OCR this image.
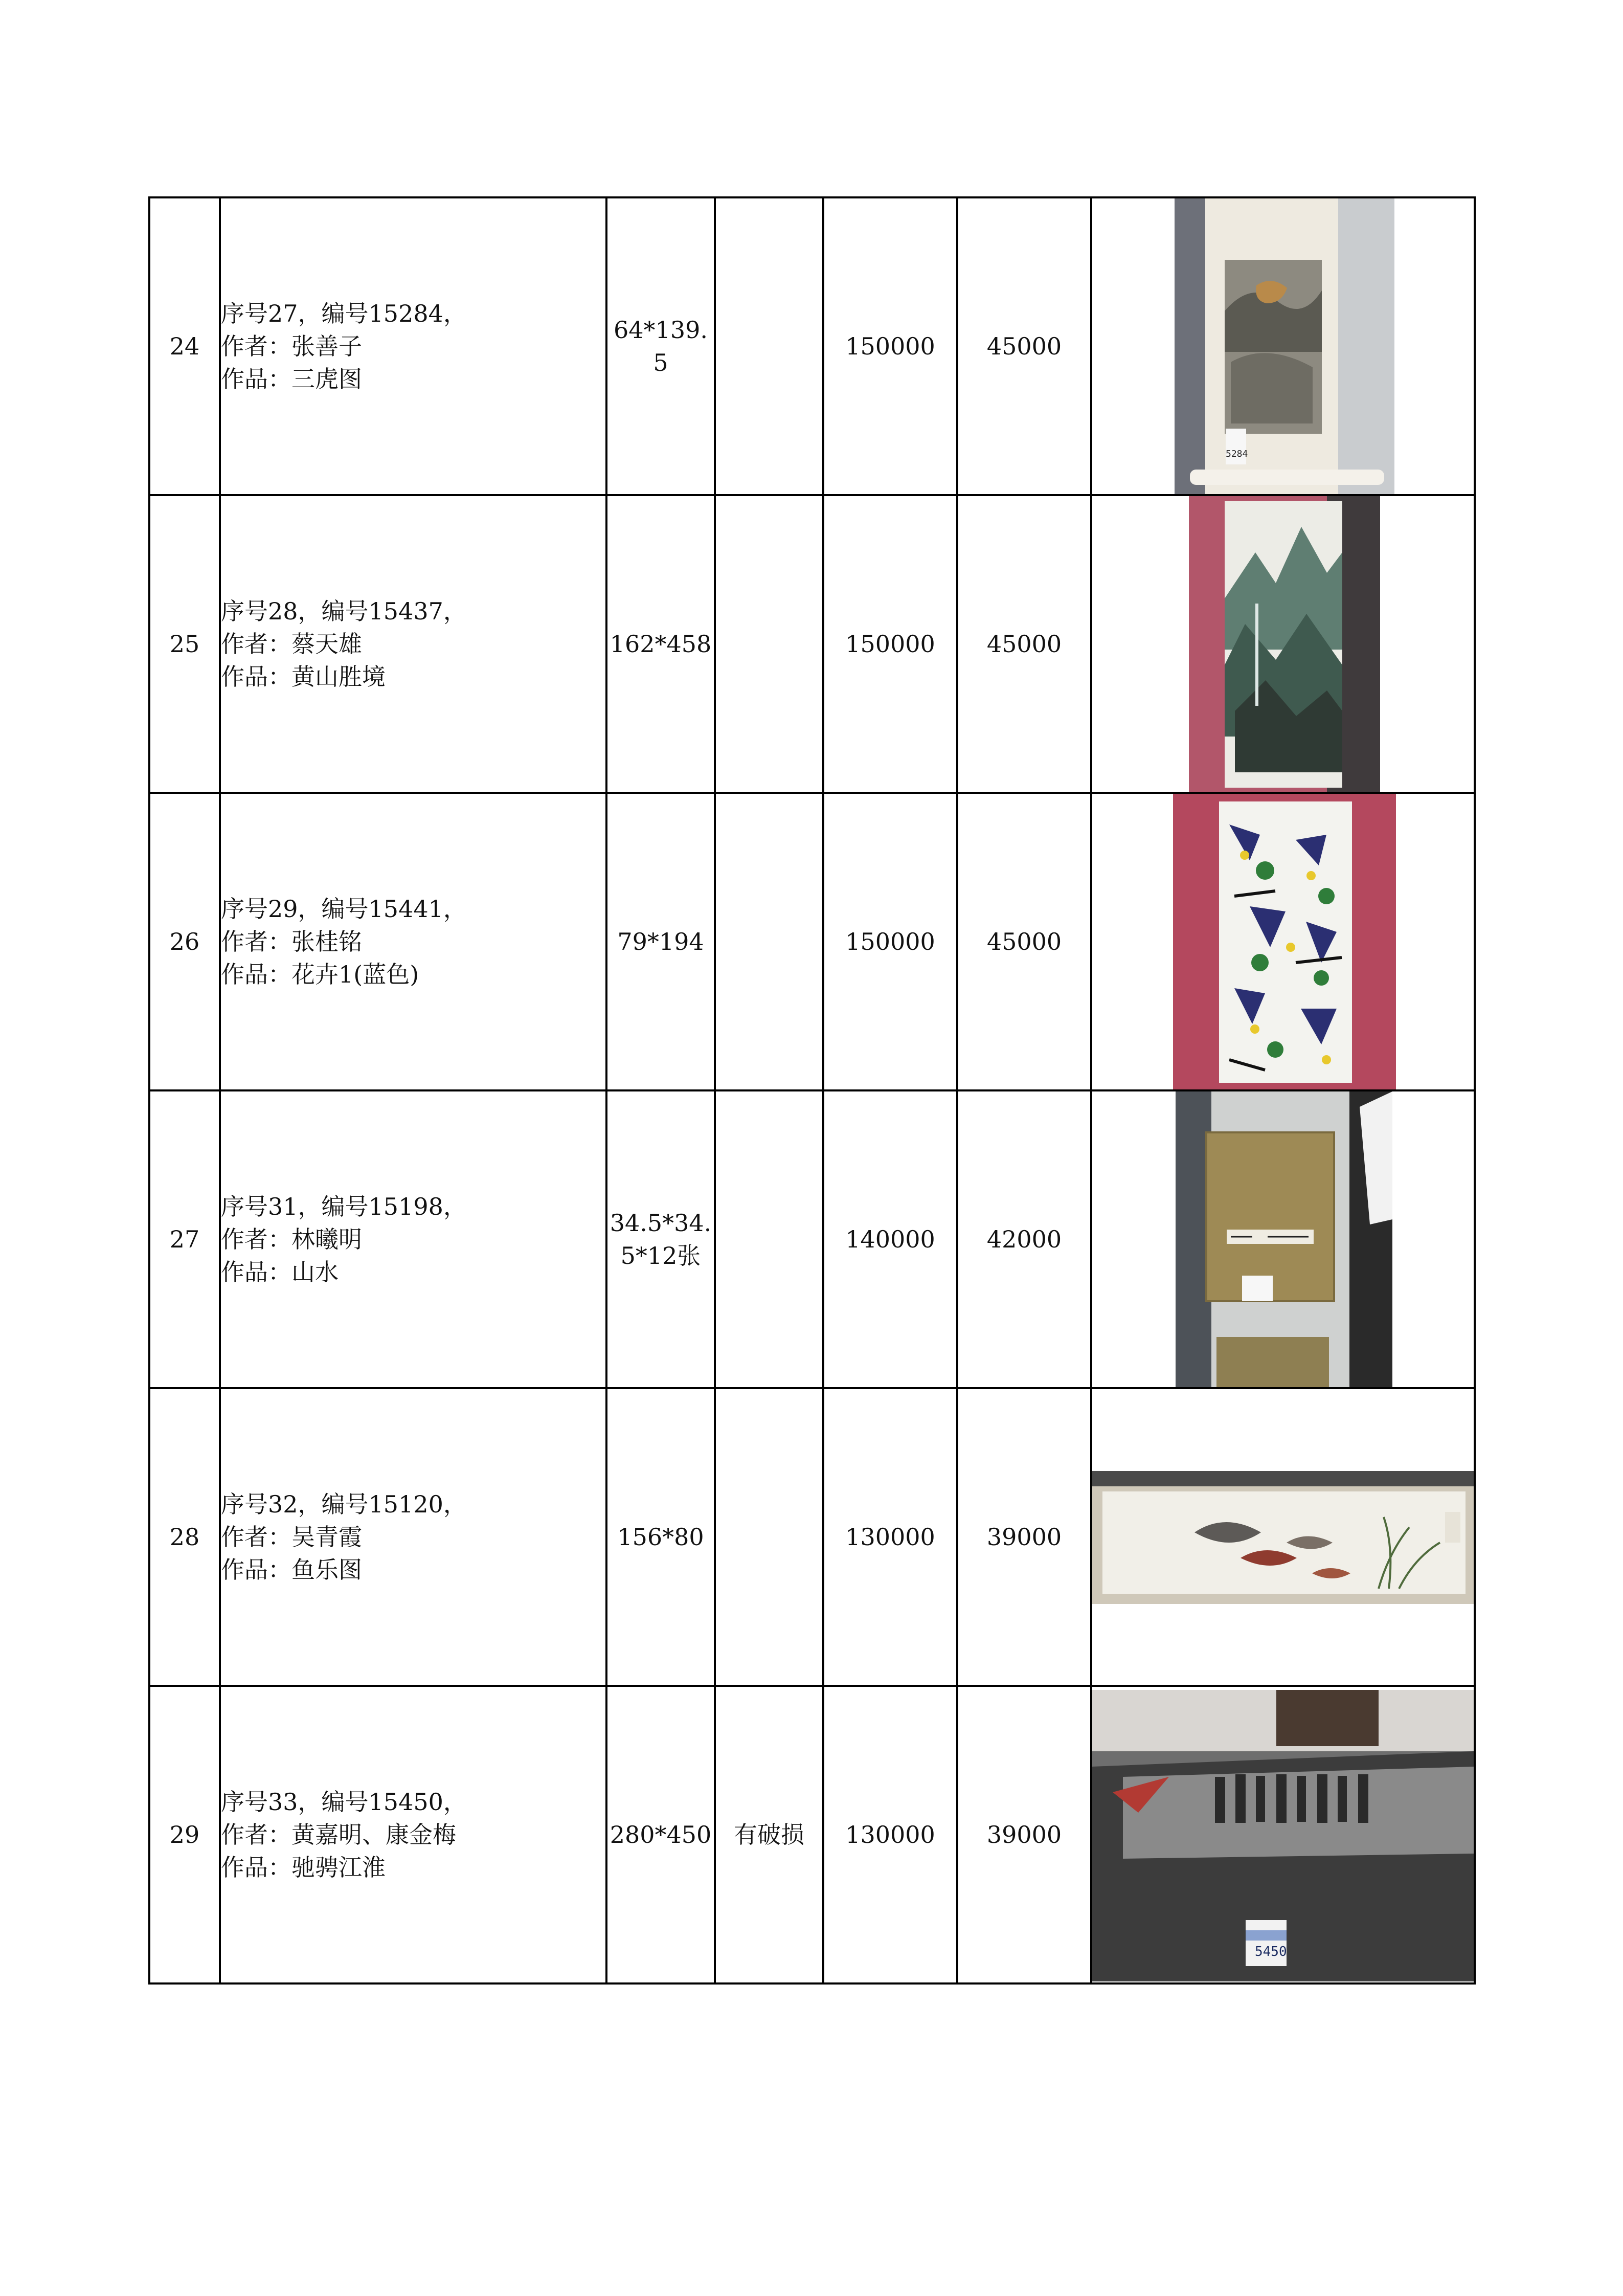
24	序号27，编号15284，
作者：张善子
作品：三虎图	64*139.5		150000	45000	5284

25	序号28，编号15437，
作者：蔡天雄
作品：黄山胜境	162*458		150000	45000	

26	序号29，编号15441，
作者：张桂铭
作品：花卉1(蓝色)	79*194		150000	45000	

27	序号31，编号15198，
作者：林曦明
作品：山水	34.5*34.5*12张		140000	42000	

28	序号32，编号15120，
作者：吴青霞
作品：鱼乐图	156*80		130000	39000	

29	序号33，编号15450，
作者：黄嘉明、康金梅
作品：驰骋江淮	280*450	有破损	130000	39000	5450
